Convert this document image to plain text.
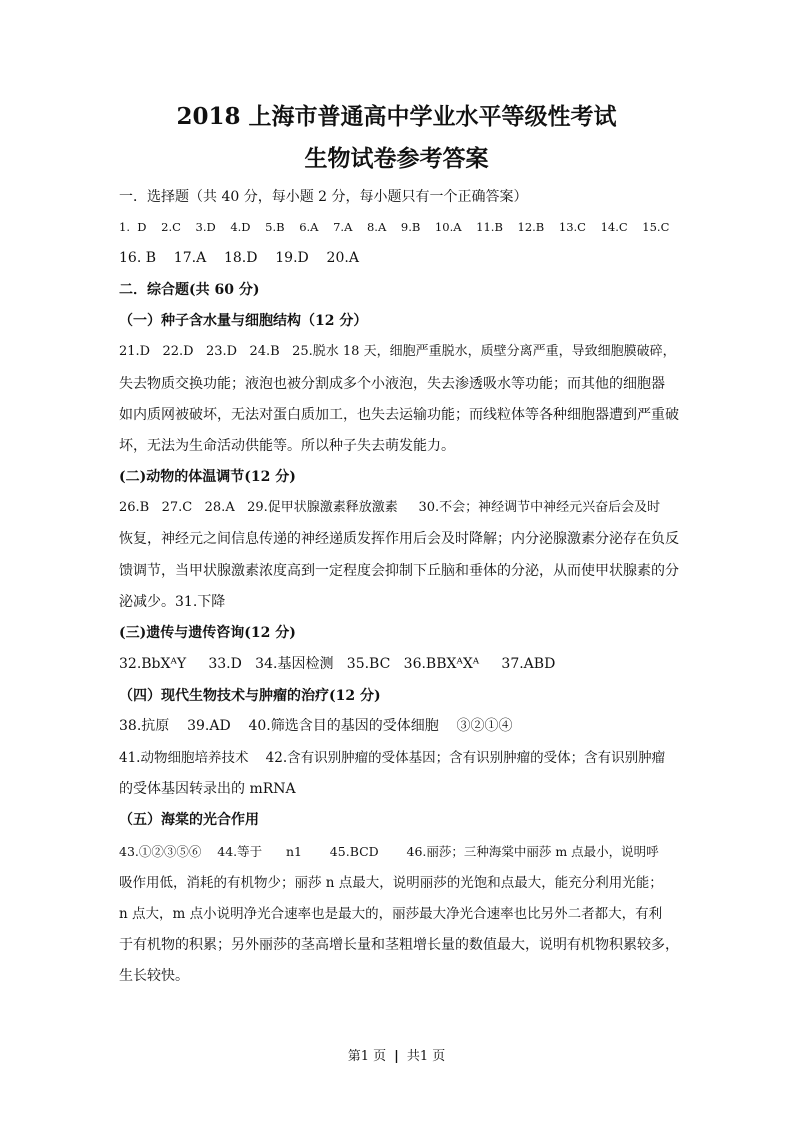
2018 上海市普通高中学业水平等级性考试
生物试卷参考答案
一．选择题（共 40 分，每小题 2 分，每小题只有一个正确答案）
1.  D    2.C    3.D    4.D    5.B    6.A    7.A    8.A    9.B    10.A    11.B    12.B    13.C    14.C    15.C
16. B    17.A    18.D    19.D    20.A
二．综合题(共 60 分)
（一）种子含水量与细胞结构（12 分）
21.D   22.D   23.D   24.B   25.脱水 18 天，细胞严重脱水，质壁分离严重，导致细胞膜破碎，
失去物质交换功能；液泡也被分割成多个小液泡，失去渗透吸水等功能；而其他的细胞器
如内质网被破坏，无法对蛋白质加工，也失去运输功能；而线粒体等各种细胞器遭到严重破
坏，无法为生命活动供能等。所以种子失去萌发能力。
(二)动物的体温调节(12 分)
26.B   27.C   28.A   29.促甲状腺激素释放激素     30.不会；神经调节中神经元兴奋后会及时
恢复，神经元之间信息传递的神经递质发挥作用后会及时降解；内分泌腺激素分泌存在负反
馈调节，当甲状腺激素浓度高到一定程度会抑制下丘脑和垂体的分泌，从而使甲状腺素的分
泌减少。31.下降
(三)遗传与遗传咨询(12 分)
32.BbXᴬY     33.D   34.基因检测   35.BC   36.BBXᴬXᴬ     37.ABD
（四）现代生物技术与肿瘤的治疗(12 分)
38.抗原    39.AD    40.筛选含目的基因的受体细胞    ③②①④
41.动物细胞培养技术    42.含有识别肿瘤的受体基因；含有识别肿瘤的受体；含有识别肿瘤
的受体基因转录出的 mRNA
（五）海棠的光合作用
43.①②③⑤⑥    44.等于      n1       45.BCD       46.丽莎；三种海棠中丽莎 m 点最小，说明呼
吸作用低，消耗的有机物少；丽莎 n 点最大，说明丽莎的光饱和点最大，能充分利用光能；
n 点大，m 点小说明净光合速率也是最大的，丽莎最大净光合速率也比另外二者都大，有利
于有机物的积累；另外丽莎的茎高增长量和茎粗增长量的数值最大，说明有机物积累较多，
生长较快。
第1 页 | 共1 页
